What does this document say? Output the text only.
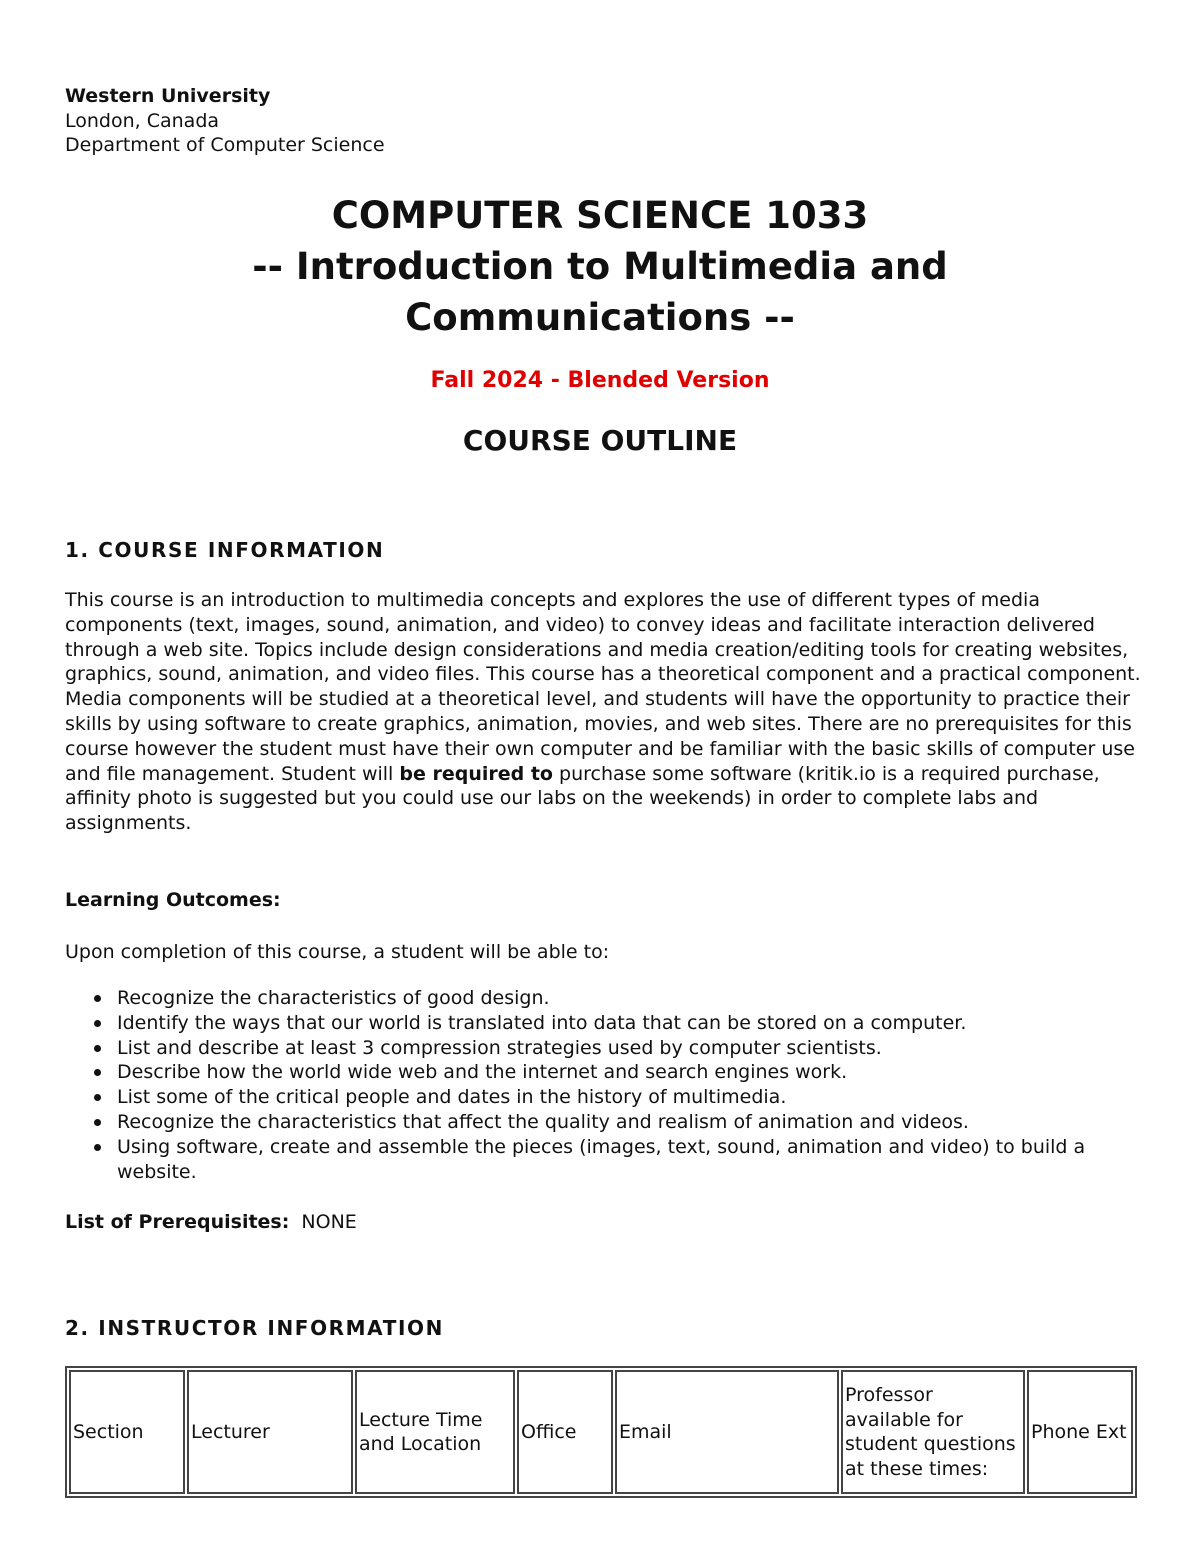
Western University
London, Canada
Department of Computer Science
COMPUTER SCIENCE 1033
-- Introduction to Multimedia and
Communications --
Fall 2024 - Blended Version
COURSE OUTLINE
1. COURSE INFORMATION
This course is an introduction to multimedia concepts and explores the use of different types of media components (text, images, sound, animation, and video) to convey ideas and facilitate interaction delivered through a web site. Topics include design considerations and media creation/editing tools for creating websites, graphics, sound, animation, and video files. This course has a theoretical component and a practical component. Media components will be studied at a theoretical level, and students will have the opportunity to practice their skills by using software to create graphics, animation, movies, and web sites. There are no prerequisites for this course however the student must have their own computer and be familiar with the basic skills of computer use and file management. Student will be required to purchase some software (kritik.io is a required purchase, affinity photo is suggested but you could use our labs on the weekends) in order to complete labs and assignments.
Learning Outcomes:
Upon completion of this course, a student will be able to:
Recognize the characteristics of good design.
Identify the ways that our world is translated into data that can be stored on a computer.
List and describe at least 3 compression strategies used by computer scientists.
Describe how the world wide web and the internet and search engines work.
List some of the critical people and dates in the history of multimedia.
Recognize the characteristics that affect the quality and realism of animation and videos.
Using software, create and assemble the pieces (images, text, sound, animation and video) to build a website.
List of Prerequisites:  NONE
2. INSTRUCTOR INFORMATION
Section	Lecturer	Lecture Time and Location	Office	Email	Professor available for student questions at these times:	Phone Ext
